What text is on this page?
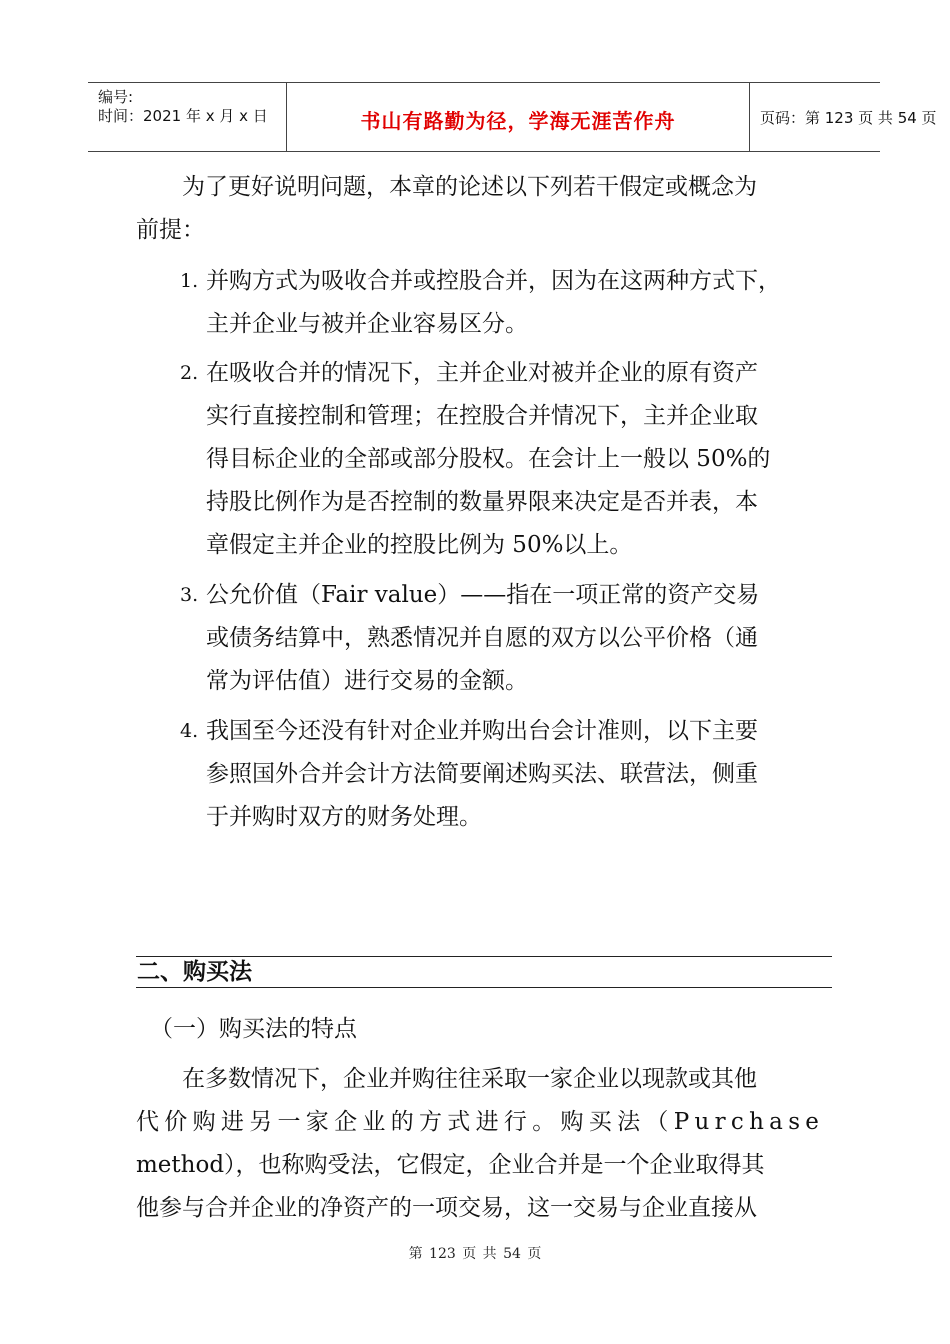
编号:
时间：2021 年 x 月 x 日	书山有路勤为径，学海无涯苦作舟	页码：第 123 页 共 54 页
为了更好说明问题，本章的论述以下列若干假定或概念为
前提：
1. 并购方式为吸收合并或控股合并，因为在这两种方式下，
主并企业与被并企业容易区分。
2. 在吸收合并的情况下，主并企业对被并企业的原有资产
实行直接控制和管理；在控股合并情况下，主并企业取
得目标企业的全部或部分股权。在会计上一般以 50%的
持股比例作为是否控制的数量界限来决定是否并表，本
章假定主并企业的控股比例为 50%以上。
3. 公允价值（Fair value）——指在一项正常的资产交易
或债务结算中，熟悉情况并自愿的双方以公平价格（通
常为评估值）进行交易的金额。
4. 我国至今还没有针对企业并购出台会计准则，以下主要
参照国外合并会计方法简要阐述购买法、联营法，侧重
于并购时双方的财务处理。
二、购买法
（一）购买法的特点
在多数情况下，企业并购往往采取一家企业以现款或其他
代价购进另一家企业的方式进行。购买法（Purchase
method），也称购受法，它假定，企业合并是一个企业取得其
他参与合并企业的净资产的一项交易，这一交易与企业直接从
第 123 页 共 54 页
